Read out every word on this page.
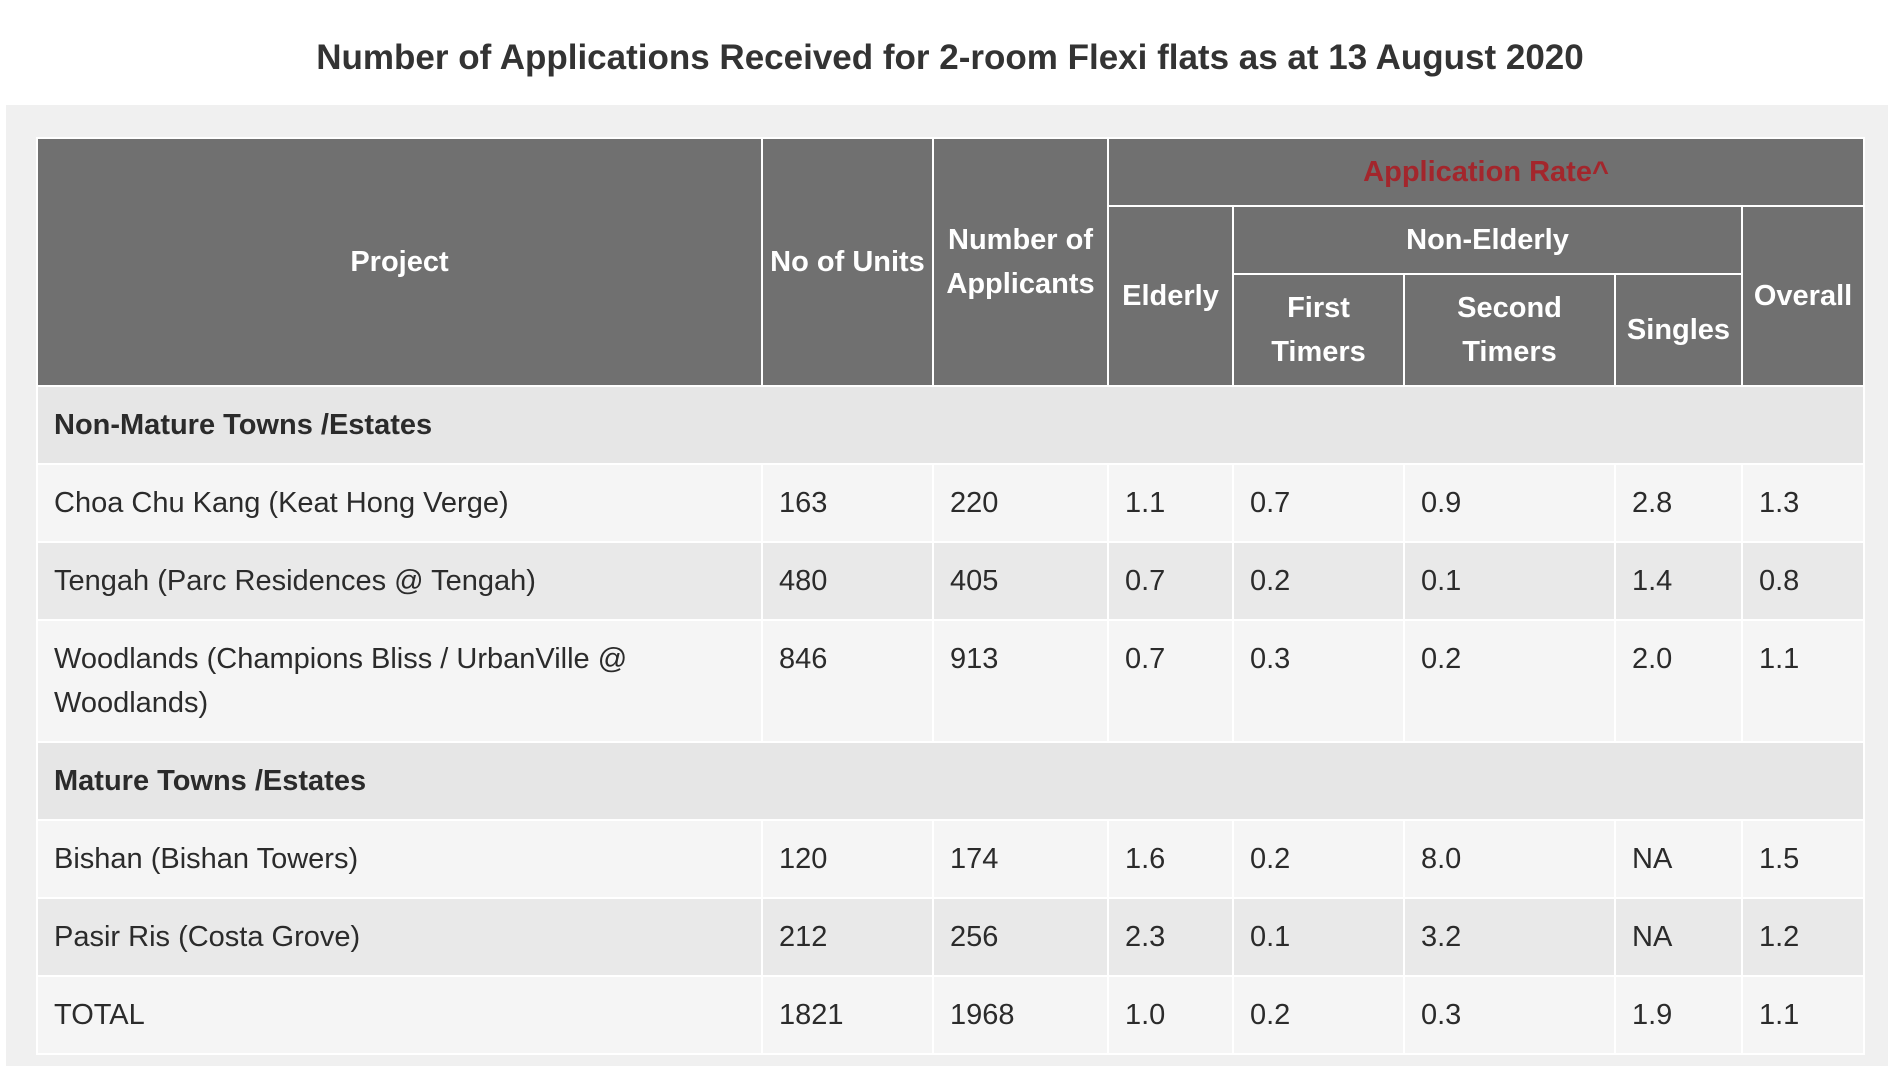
Number of Applications Received for 2-room Flexi flats as at 13 August 2020
Project	No of Units	Number of Applicants	Application Rate^				
			Elderly	Non-Elderly			Overall
				First Timers	Second Timers	Singles	
Non-Mature Towns /Estates							
Choa Chu Kang (Keat Hong Verge)	163	220	1.1	0.7	0.9	2.8	1.3
Tengah (Parc Residences @ Tengah)	480	405	0.7	0.2	0.1	1.4	0.8
Woodlands (Champions Bliss / UrbanVille @ Woodlands)	846	913	0.7	0.3	0.2	2.0	1.1
Mature Towns /Estates							
Bishan (Bishan Towers)	120	174	1.6	0.2	8.0	NA	1.5
Pasir Ris (Costa Grove)	212	256	2.3	0.1	3.2	NA	1.2
TOTAL	1821	1968	1.0	0.2	0.3	1.9	1.1
